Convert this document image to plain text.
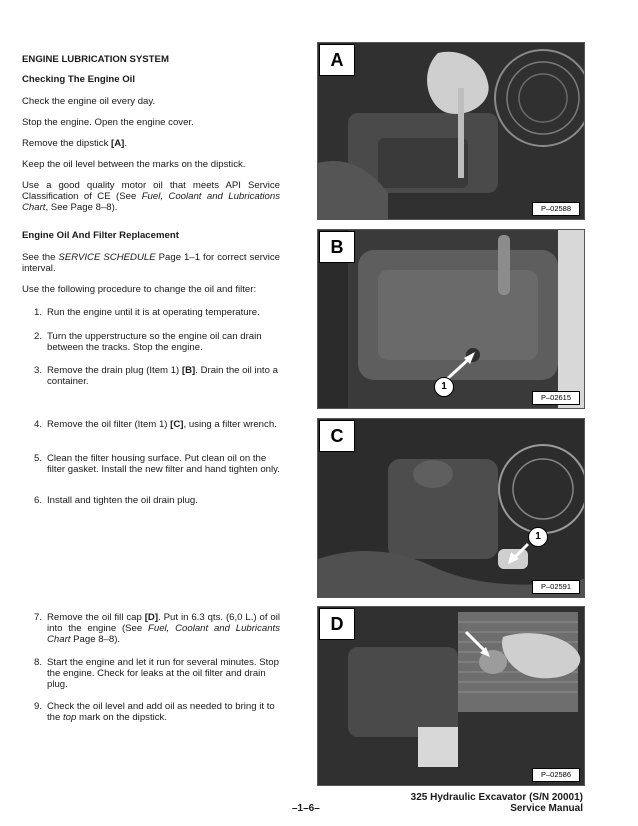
ENGINE LUBRICATION SYSTEM
Checking The Engine Oil
Check the engine oil every day.
Stop the engine. Open the engine cover.
Remove the dipstick [A].
Keep the oil level between the marks on the dipstick.
Use a good quality motor oil that meets API Service Classification of CE (See Fuel, Coolant and Lubrications Chart, See Page 8–8).
Engine Oil And Filter Replacement
See the SERVICE SCHEDULE Page 1–1 for correct service interval.
Use the following procedure to change the oil and filter:
1. Run the engine until it is at operating temperature.
2. Turn the upperstructure so the engine oil can drain between the tracks. Stop the engine.
3. Remove the drain plug (Item 1) [B]. Drain the oil into a container.
4. Remove the oil filter (Item 1) [C], using a filter wrench.
5. Clean the filter housing surface. Put clean oil on the filter gasket. Install the new filter and hand tighten only.
6. Install and tighten the oil drain plug.
7. Remove the oil fill cap [D]. Put in 6.3 qts. (6,0 L.) of oil into the engine (See Fuel, Coolant and Lubricants Chart Page 8–8).
8. Start the engine and let it run for several minutes. Stop the engine. Check for leaks at the oil filter and drain plug.
9. Check the oil level and add oil as needed to bring it to the top mark on the dipstick.
A
P–02588
B
1
P–02615
C
1
P–02591
D
P–02586
–1–6–
325 Hydraulic Excavator (S/N 20001)
Service Manual
